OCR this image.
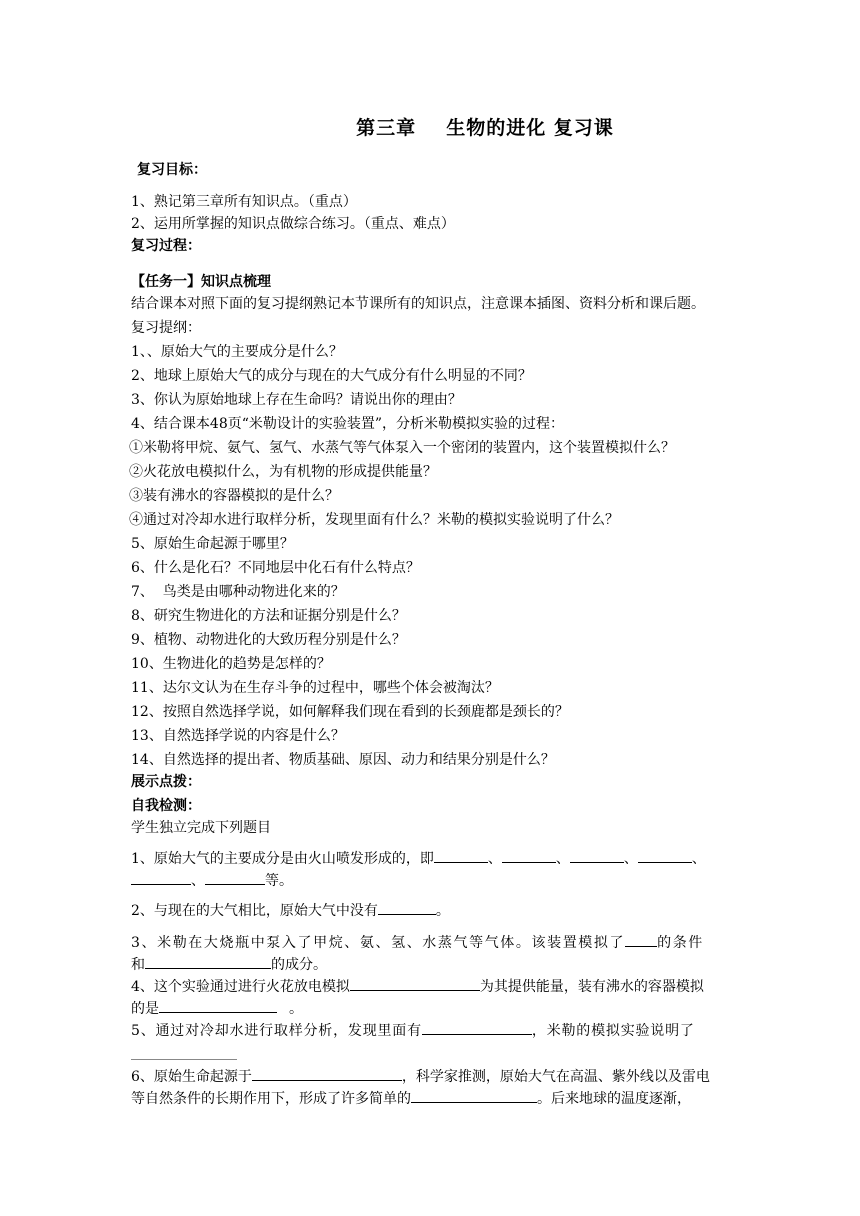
第三章 生物的进化 复习课
复习目标：
1、熟记第三章所有知识点。（重点）
2、运用所掌握的知识点做综合练习。（重点、难点）
复习过程：
【任务一】知识点梳理
结合课本对照下面的复习提纲熟记本节课所有的知识点，注意课本插图、资料分析和课后题。
复习提纲：
1、、原始大气的主要成分是什么？
2、地球上原始大气的成分与现在的大气成分有什么明显的不同？
3、你认为原始地球上存在生命吗？请说出你的理由？
4、结合课本48页“米勒设计的实验装置”，分析米勒模拟实验的过程：
①米勒将甲烷、氨气、氢气、水蒸气等气体泵入一个密闭的装置内，这个装置模拟什么？
②火花放电模拟什么，为有机物的形成提供能量？
③装有沸水的容器模拟的是什么？
④通过对冷却水进行取样分析，发现里面有什么？米勒的模拟实验说明了什么？
5、原始生命起源于哪里？
6、什么是化石？不同地层中化石有什么特点？
7、  鸟类是由哪种动物进化来的？
8、研究生物进化的方法和证据分别是什么？
9、植物、动物进化的大致历程分别是什么？
10、生物进化的趋势是怎样的？
11、达尔文认为在生存斗争的过程中，哪些个体会被淘汰？
12、按照自然选择学说，如何解释我们现在看到的长颈鹿都是颈长的？
13、自然选择学说的内容是什么？
14、自然选择的提出者、物质基础、原因、动力和结果分别是什么？
展示点拨：
自我检测：
学生独立完成下列题目
1、原始大气的主要成分是由火山喷发形成的，即	、	、	、	、
、	等。
2、与现在的大气相比，原始大气中没有	。
3、米勒在大烧瓶中泵入了甲烷、氨、氢、水蒸气等气体。该装置模拟了 的条件
和	的成分。
4、这个实验通过进行火花放电模拟	为其提供能量，装有沸水的容器模拟
的是	。
5、通过对冷却水进行取样分析，发现里面有	，米勒的模拟实验说明了
6、原始生命起源于	，科学家推测，原始大气在高温、紫外线以及雷电
等自然条件的长期作用下，形成了许多简单的	。后来地球的温度逐渐，
